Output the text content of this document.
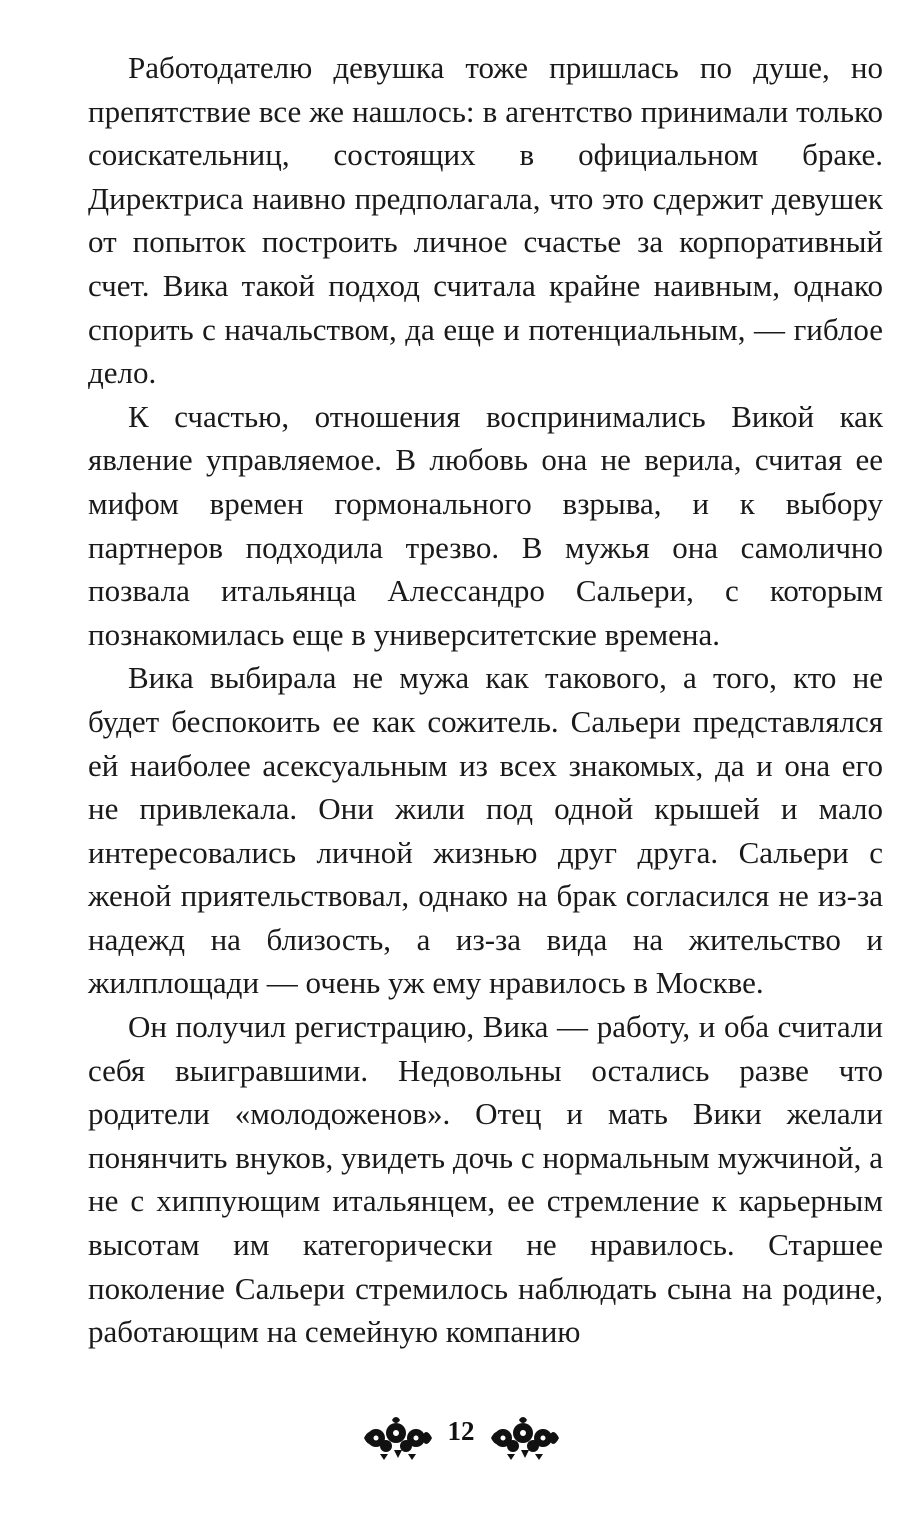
Работодателю девушка тоже пришлась по душе, но препятствие все же нашлось: в агентство принимали только соискательниц, состоящих в официальном браке. Директриса наивно предполагала, что это сдержит девушек от попыток построить личное счастье за корпоративный счет. Вика такой подход считала крайне наивным, однако спорить с начальством, да еще и потенциальным, — гиблое дело.

К счастью, отношения воспринимались Викой как явление управляемое. В любовь она не верила, считая ее мифом времен гормонального взрыва, и к выбору партнеров подходила трезво. В мужья она самолично позвала итальянца Алессандро Сальери, с которым познакомилась еще в университетские времена.

Вика выбирала не мужа как такового, а того, кто не будет беспокоить ее как сожитель. Сальери представлялся ей наиболее асексуальным из всех знакомых, да и она его не привлекала. Они жили под одной крышей и мало интересовались личной жизнью друг друга. Сальери с женой приятельствовал, однако на брак согласился не из-за надежд на близость, а из-за вида на жительство и жилплощади — очень уж ему нравилось в Москве.

Он получил регистрацию, Вика — работу, и оба считали себя выигравшими. Недовольны остались разве что родители «молодоженов». Отец и мать Вики желали понянчить внуков, увидеть дочь с нормальным мужчиной, а не с хиппующим итальянцем, ее стремление к карьерным высотам им категорически не нравилось. Старшее поколение Сальери стремилось наблюдать сына на родине, работающим на семейную компанию

12
